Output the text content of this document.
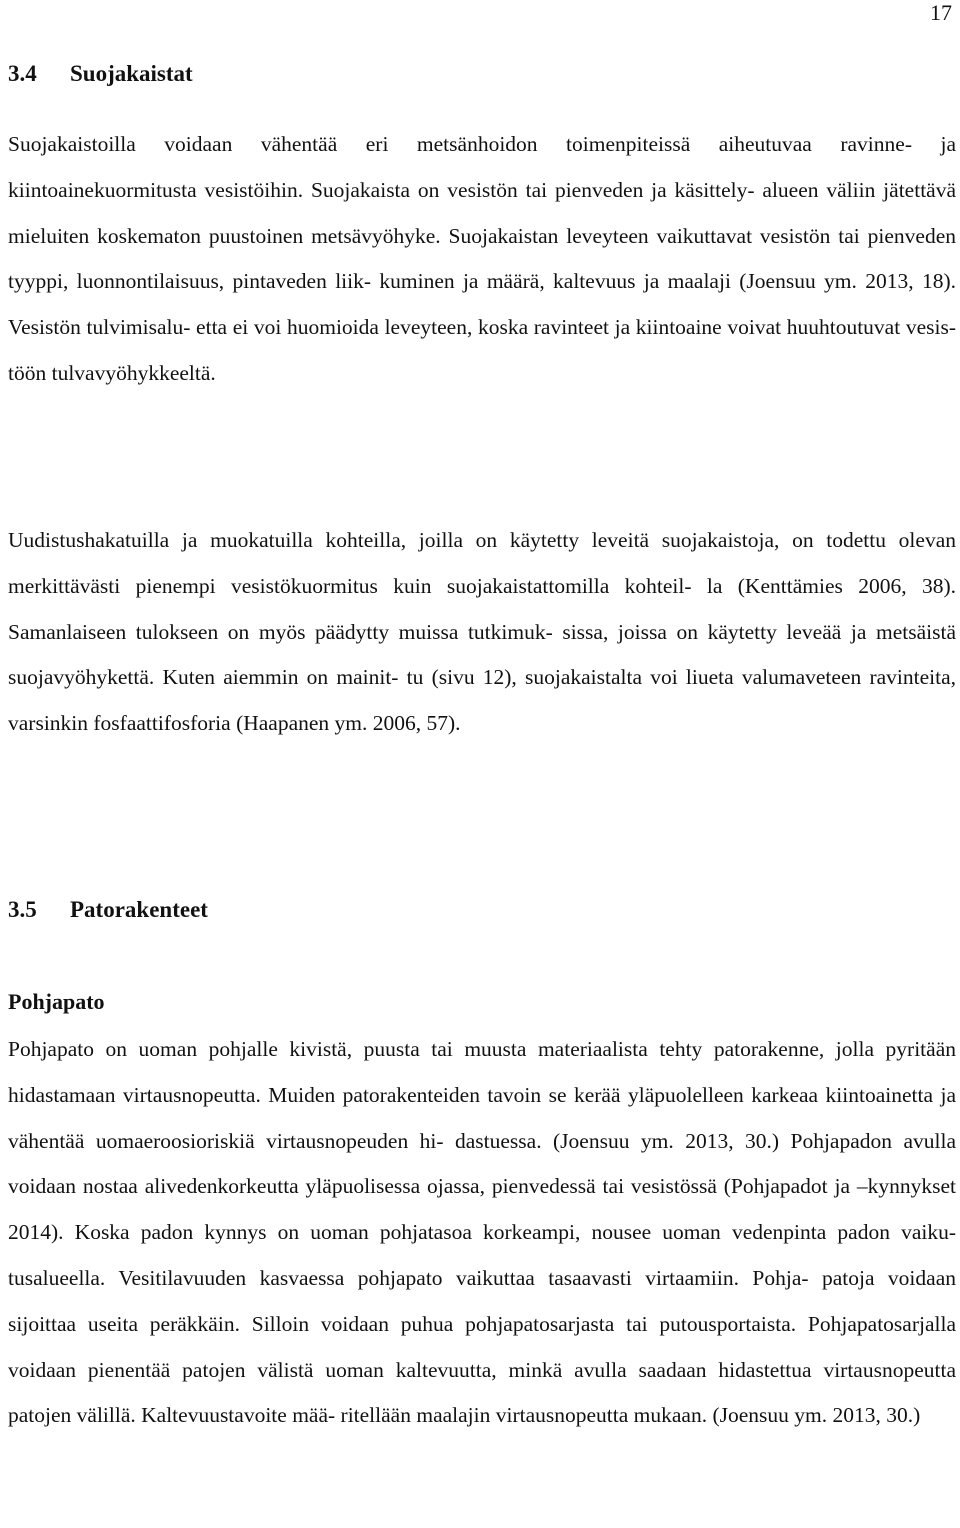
17
3.4 Suojakaistat
Suojakaistoilla voidaan vähentää eri metsänhoidon toimenpiteissä aiheutuvaa ravinne- ja kiintoainekuormitusta vesistöihin. Suojakaista on vesistön tai pienveden ja käsittely- alueen väliin jätettävä mieluiten koskematon puustoinen metsävyöhyke. Suojakaistan leveyteen vaikuttavat vesistön tai pienveden tyyppi, luonnontilaisuus, pintaveden liik- kuminen ja määrä, kaltevuus ja maalaji (Joensuu ym. 2013, 18). Vesistön tulvimisalu- etta ei voi huomioida leveyteen, koska ravinteet ja kiintoaine voivat huuhtoutuvat vesis- töön tulvavyöhykkeeltä.
Uudistushakatuilla ja muokatuilla kohteilla, joilla on käytetty leveitä suojakaistoja, on todettu olevan merkittävästi pienempi vesistökuormitus kuin suojakaistattomilla kohteil- la (Kenttämies 2006, 38). Samanlaiseen tulokseen on myös päädytty muissa tutkimuk- sissa, joissa on käytetty leveää ja metsäistä suojavyöhykettä. Kuten aiemmin on mainit- tu (sivu 12), suojakaistalta voi liueta valumaveteen ravinteita, varsinkin fosfaattifosforia (Haapanen ym. 2006, 57).
3.5 Patorakenteet
Pohjapato
Pohjapato on uoman pohjalle kivistä, puusta tai muusta materiaalista tehty patorakenne, jolla pyritään hidastamaan virtausnopeutta. Muiden patorakenteiden tavoin se kerää yläpuolelleen karkeaa kiintoainetta ja vähentää uomaeroosioriskiä virtausnopeuden hi- dastuessa. (Joensuu ym. 2013, 30.) Pohjapadon avulla voidaan nostaa alivedenkorkeutta yläpuolisessa ojassa, pienvedessä tai vesistössä (Pohjapadot ja –kynnykset 2014). Koska padon kynnys on uoman pohjatasoa korkeampi, nousee uoman vedenpinta padon vaiku- tusalueella. Vesitilavuuden kasvaessa pohjapato vaikuttaa tasaavasti virtaamiin. Pohja- patoja voidaan sijoittaa useita peräkkäin. Silloin voidaan puhua pohjapatosarjasta tai putousportaista. Pohjapatosarjalla voidaan pienentää patojen välistä uoman kaltevuutta, minkä avulla saadaan hidastettua virtausnopeutta patojen välillä. Kaltevuustavoite mää- ritellään maalajin virtausnopeutta mukaan. (Joensuu ym. 2013, 30.)
